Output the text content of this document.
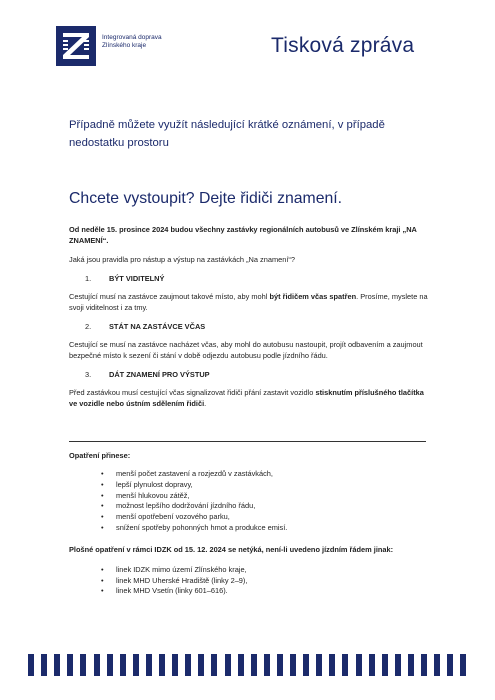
Integrovaná doprava
Zlínského kraje	Tisková zpráva
Případně můžete využít následující krátké oznámení, v případě nedostatku prostoru
Chcete vystoupit? Dejte řidiči znamení.

Od neděle 15. prosince 2024 budou všechny zastávky regionálních autobusů ve Zlínském kraji „NA ZNAMENÍ“.

Jaká jsou pravidla pro nástup a výstup na zastávkách „Na znamení“?

1.	BÝT VIDITELNÝ

Cestující musí na zastávce zaujmout takové místo, aby mohl být řidičem včas spatřen. Prosíme, myslete na svoji viditelnost i za tmy.

2.	STÁT NA ZASTÁVCE VČAS

Cestující se musí na zastávce nacházet včas, aby mohl do autobusu nastoupit, projít odbavením a zaujmout bezpečné místo k sezení či stání v době odjezdu autobusu podle jízdního řádu.

3.	DÁT ZNAMENÍ PRO VÝSTUP

Před zastávkou musí cestující včas signalizovat řidiči přání zastavit vozidlo stisknutím příslušného tlačítka ve vozidle nebo ústním sdělením řidiči.

Opatření přinese:

• menší počet zastavení a rozjezdů v zastávkách,
• lepší plynulost dopravy,
• menší hlukovou zátěž,
• možnost lepšího dodržování jízdního řádu,
• menší opotřebení vozového parku,
• snížení spotřeby pohonných hmot a produkce emisí.

Plošné opatření v rámci IDZK od 15. 12. 2024 se netýká, není-li uvedeno jízdním řádem jinak:

• linek IDZK mimo území Zlínského kraje,
• linek MHD Uherské Hradiště (linky 2–9),
• linek MHD Vsetín (linky 601–616).
